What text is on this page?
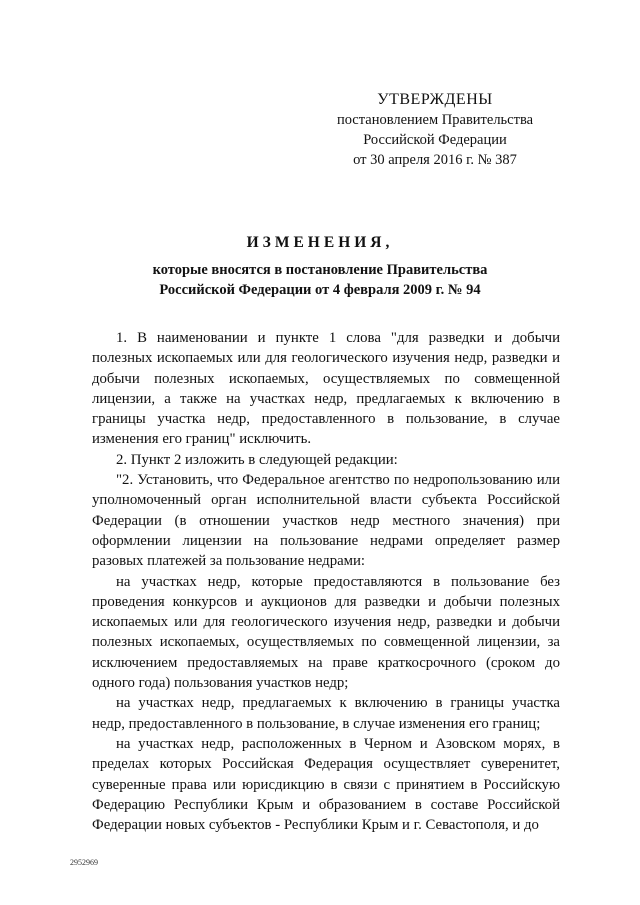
УТВЕРЖДЕНЫ
постановлением Правительства
Российской Федерации
от 30 апреля 2016 г. № 387
ИЗМЕНЕНИЯ,
которые вносятся в постановление Правительства
Российской Федерации от 4 февраля 2009 г. № 94

1. В наименовании и пункте 1 слова "для разведки и добычи полезных ископаемых или для геологического изучения недр, разведки и добычи полезных ископаемых, осуществляемых по совмещенной лицензии, а также на участках недр, предлагаемых к включению в границы участка недр, предоставленного в пользование, в случае изменения его границ" исключить.

2. Пункт 2 изложить в следующей редакции:

"2. Установить, что Федеральное агентство по недропользованию или уполномоченный орган исполнительной власти субъекта Российской Федерации (в отношении участков недр местного значения) при оформлении лицензии на пользование недрами определяет размер разовых платежей за пользование недрами:

на участках недр, которые предоставляются в пользование без проведения конкурсов и аукционов для разведки и добычи полезных ископаемых или для геологического изучения недр, разведки и добычи полезных ископаемых, осуществляемых по совмещенной лицензии, за исключением предоставляемых на праве краткосрочного (сроком до одного года) пользования участков недр;

на участках недр, предлагаемых к включению в границы участка недр, предоставленного в пользование, в случае изменения его границ;

на участках недр, расположенных в Черном и Азовском морях, в пределах которых Российская Федерация осуществляет суверенитет, суверенные права или юрисдикцию в связи с принятием в Российскую Федерацию Республики Крым и образованием в составе Российской Федерации новых субъектов - Республики Крым и г. Севастополя, и до

2952969
